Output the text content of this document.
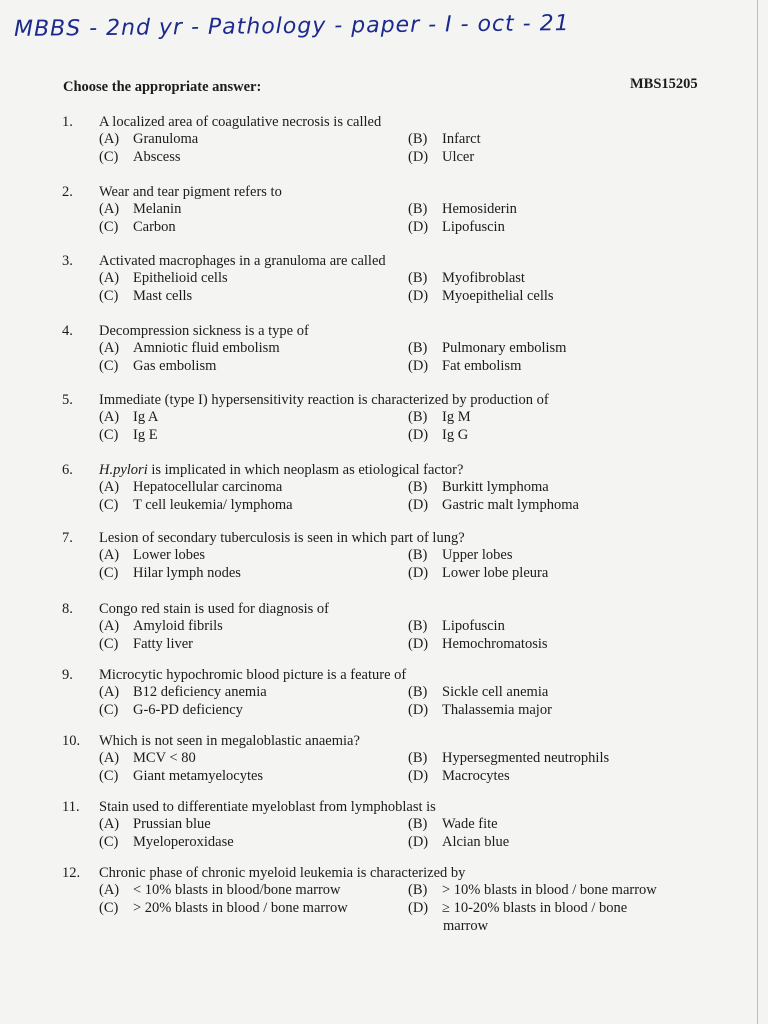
MBBS - 2nd yr - Pathology - paper - I - oct - 21
Choose the appropriate answer:	MBS15205
1. A localized area of coagulative necrosis is called
(A) Granuloma	(B) Infarct
(C) Abscess	(D) Ulcer
2. Wear and tear pigment refers to
(A) Melanin	(B) Hemosiderin
(C) Carbon	(D) Lipofuscin
3. Activated macrophages in a granuloma are called
(A) Epithelioid cells	(B) Myofibroblast
(C) Mast cells	(D) Myoepithelial cells
4. Decompression sickness is a type of
(A) Amniotic fluid embolism	(B) Pulmonary embolism
(C) Gas embolism	(D) Fat embolism
5. Immediate (type I) hypersensitivity reaction is characterized by production of
(A) Ig A	(B) Ig M
(C) Ig E	(D) Ig G
6. H.pylori is implicated in which neoplasm as etiological factor?
(A) Hepatocellular carcinoma	(B) Burkitt lymphoma
(C) T cell leukemia/ lymphoma	(D) Gastric malt lymphoma
7. Lesion of secondary tuberculosis is seen in which part of lung?
(A) Lower lobes	(B) Upper lobes
(C) Hilar lymph nodes	(D) Lower lobe pleura
8. Congo red stain is used for diagnosis of
(A) Amyloid fibrils	(B) Lipofuscin
(C) Fatty liver	(D) Hemochromatosis
9. Microcytic hypochromic blood picture is a feature of
(A) B12 deficiency anemia	(B) Sickle cell anemia
(C) G-6-PD deficiency	(D) Thalassemia major
10. Which is not seen in megaloblastic anaemia?
(A) MCV < 80	(B) Hypersegmented neutrophils
(C) Giant metamyelocytes	(D) Macrocytes
11. Stain used to differentiate myeloblast from lymphoblast is
(A) Prussian blue	(B) Wade fite
(C) Myeloperoxidase	(D) Alcian blue
12. Chronic phase of chronic myeloid leukemia is characterized by
(A) < 10% blasts in blood/bone marrow	(B) > 10% blasts in blood / bone marrow
(C) > 20% blasts in blood / bone marrow	(D) ≥ 10-20% blasts in blood / bone
marrow
